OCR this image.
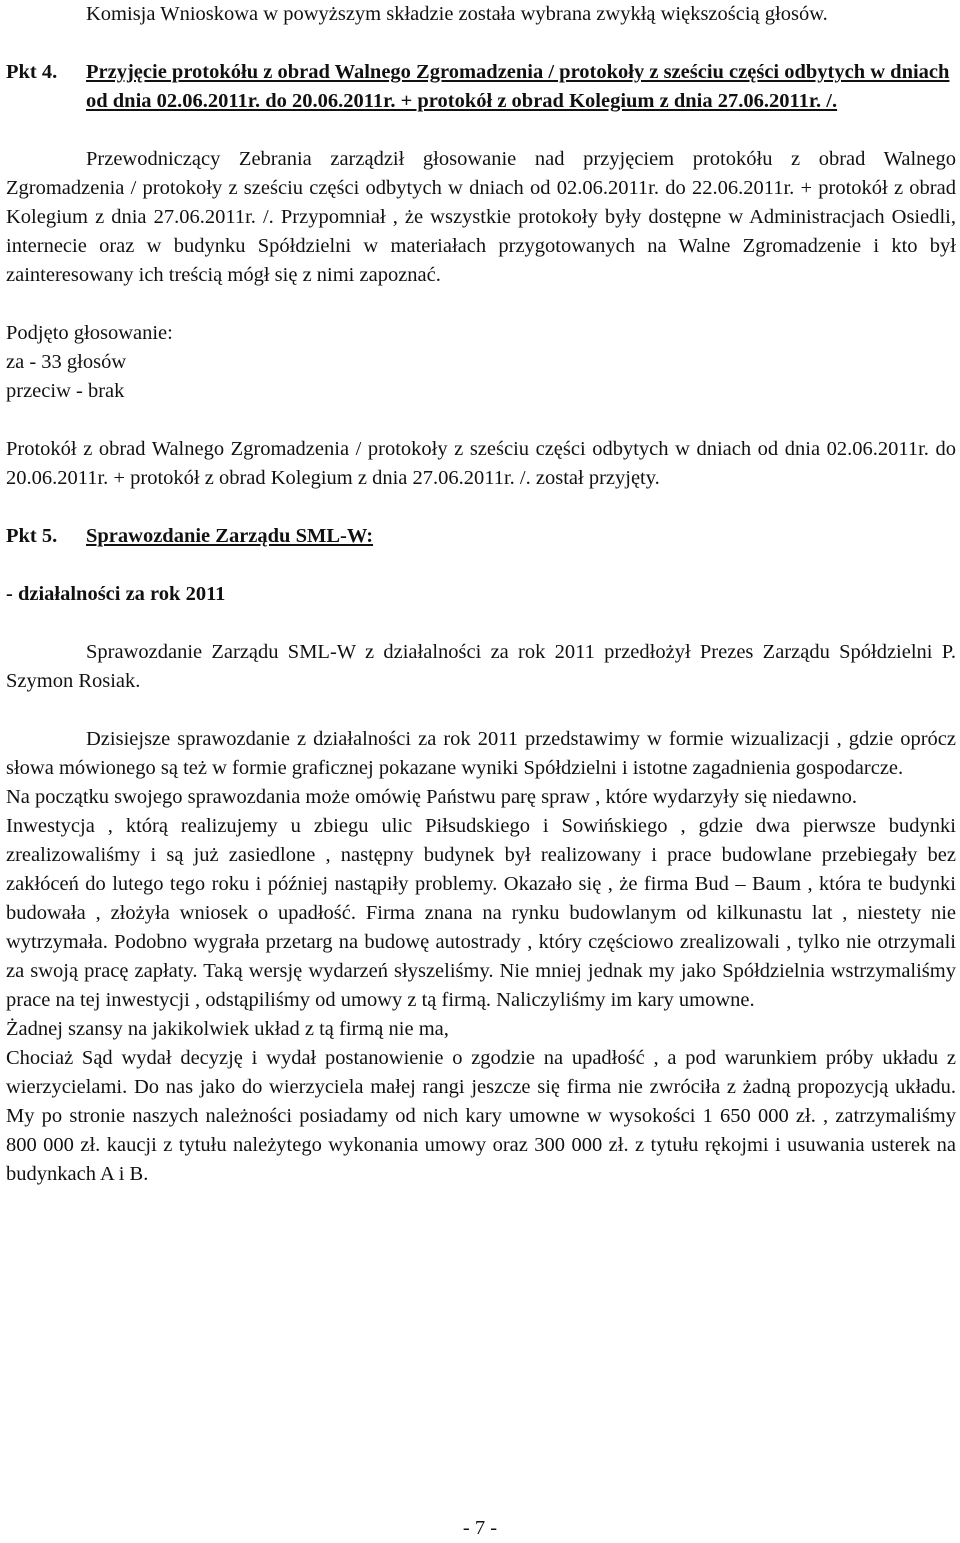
Komisja Wnioskowa w powyższym składzie została wybrana zwykłą większością głosów.

Pkt 4.	Przyjęcie protokółu z obrad Walnego Zgromadzenia / protokoły z sześciu części odbytych w dniach od dnia 02.06.2011r. do 20.06.2011r. + protokół z obrad Kolegium z dnia 27.06.2011r. /.

Przewodniczący Zebrania zarządził głosowanie nad przyjęciem protokółu z obrad Walnego Zgromadzenia / protokoły z sześciu części odbytych w dniach od 02.06.2011r. do 22.06.2011r. + protokół z obrad Kolegium z dnia 27.06.2011r. /. Przypomniał , że wszystkie protokoły były dostępne w Administracjach Osiedli, internecie oraz w budynku Spółdzielni w materiałach przygotowanych na Walne Zgromadzenie i kto był zainteresowany ich treścią mógł się z nimi zapoznać.

Podjęto głosowanie:

za - 33 głosów

przeciw - brak

Protokół z obrad Walnego Zgromadzenia / protokoły z sześciu części odbytych w dniach od dnia 02.06.2011r. do 20.06.2011r. + protokół z obrad Kolegium z dnia 27.06.2011r. /. został przyjęty.

Pkt 5.	Sprawozdanie Zarządu SML-W:

- działalności za rok 2011

Sprawozdanie Zarządu SML-W z działalności za rok 2011 przedłożył Prezes Zarządu Spółdzielni P. Szymon Rosiak.

Dzisiejsze sprawozdanie z działalności za rok 2011 przedstawimy w formie wizualizacji , gdzie oprócz słowa mówionego są też w formie graficznej pokazane wyniki Spółdzielni i istotne zagadnienia gospodarcze.

Na początku swojego sprawozdania może omówię Państwu parę spraw , które wydarzyły się niedawno.

Inwestycja , którą realizujemy u zbiegu ulic Piłsudskiego i Sowińskiego , gdzie dwa pierwsze budynki zrealizowaliśmy i są już zasiedlone , następny budynek był realizowany i prace budowlane przebiegały bez zakłóceń do lutego tego roku i później nastąpiły problemy. Okazało się , że firma Bud – Baum , która te budynki budowała , złożyła wniosek o upadłość. Firma znana na rynku budowlanym od kilkunastu lat , niestety nie wytrzymała. Podobno wygrała przetarg na budowę autostrady , który częściowo zrealizowali , tylko nie otrzymali za swoją pracę zapłaty. Taką wersję wydarzeń słyszeliśmy. Nie mniej jednak my jako Spółdzielnia wstrzymaliśmy prace na tej inwestycji , odstąpiliśmy od umowy z tą firmą. Naliczyliśmy im kary umowne.

Żadnej szansy na jakikolwiek układ z tą firmą nie ma,

Chociaż Sąd wydał decyzję i wydał postanowienie o zgodzie na upadłość , a pod warunkiem próby układu z wierzycielami. Do nas jako do wierzyciela małej rangi jeszcze się firma nie zwróciła z żadną propozycją układu. My po stronie naszych należności posiadamy od nich kary umowne w wysokości 1 650 000 zł. , zatrzymaliśmy 800 000 zł. kaucji z tytułu należytego wykonania umowy oraz 300 000 zł. z tytułu rękojmi i usuwania usterek na budynkach A i B.

- 7 -
